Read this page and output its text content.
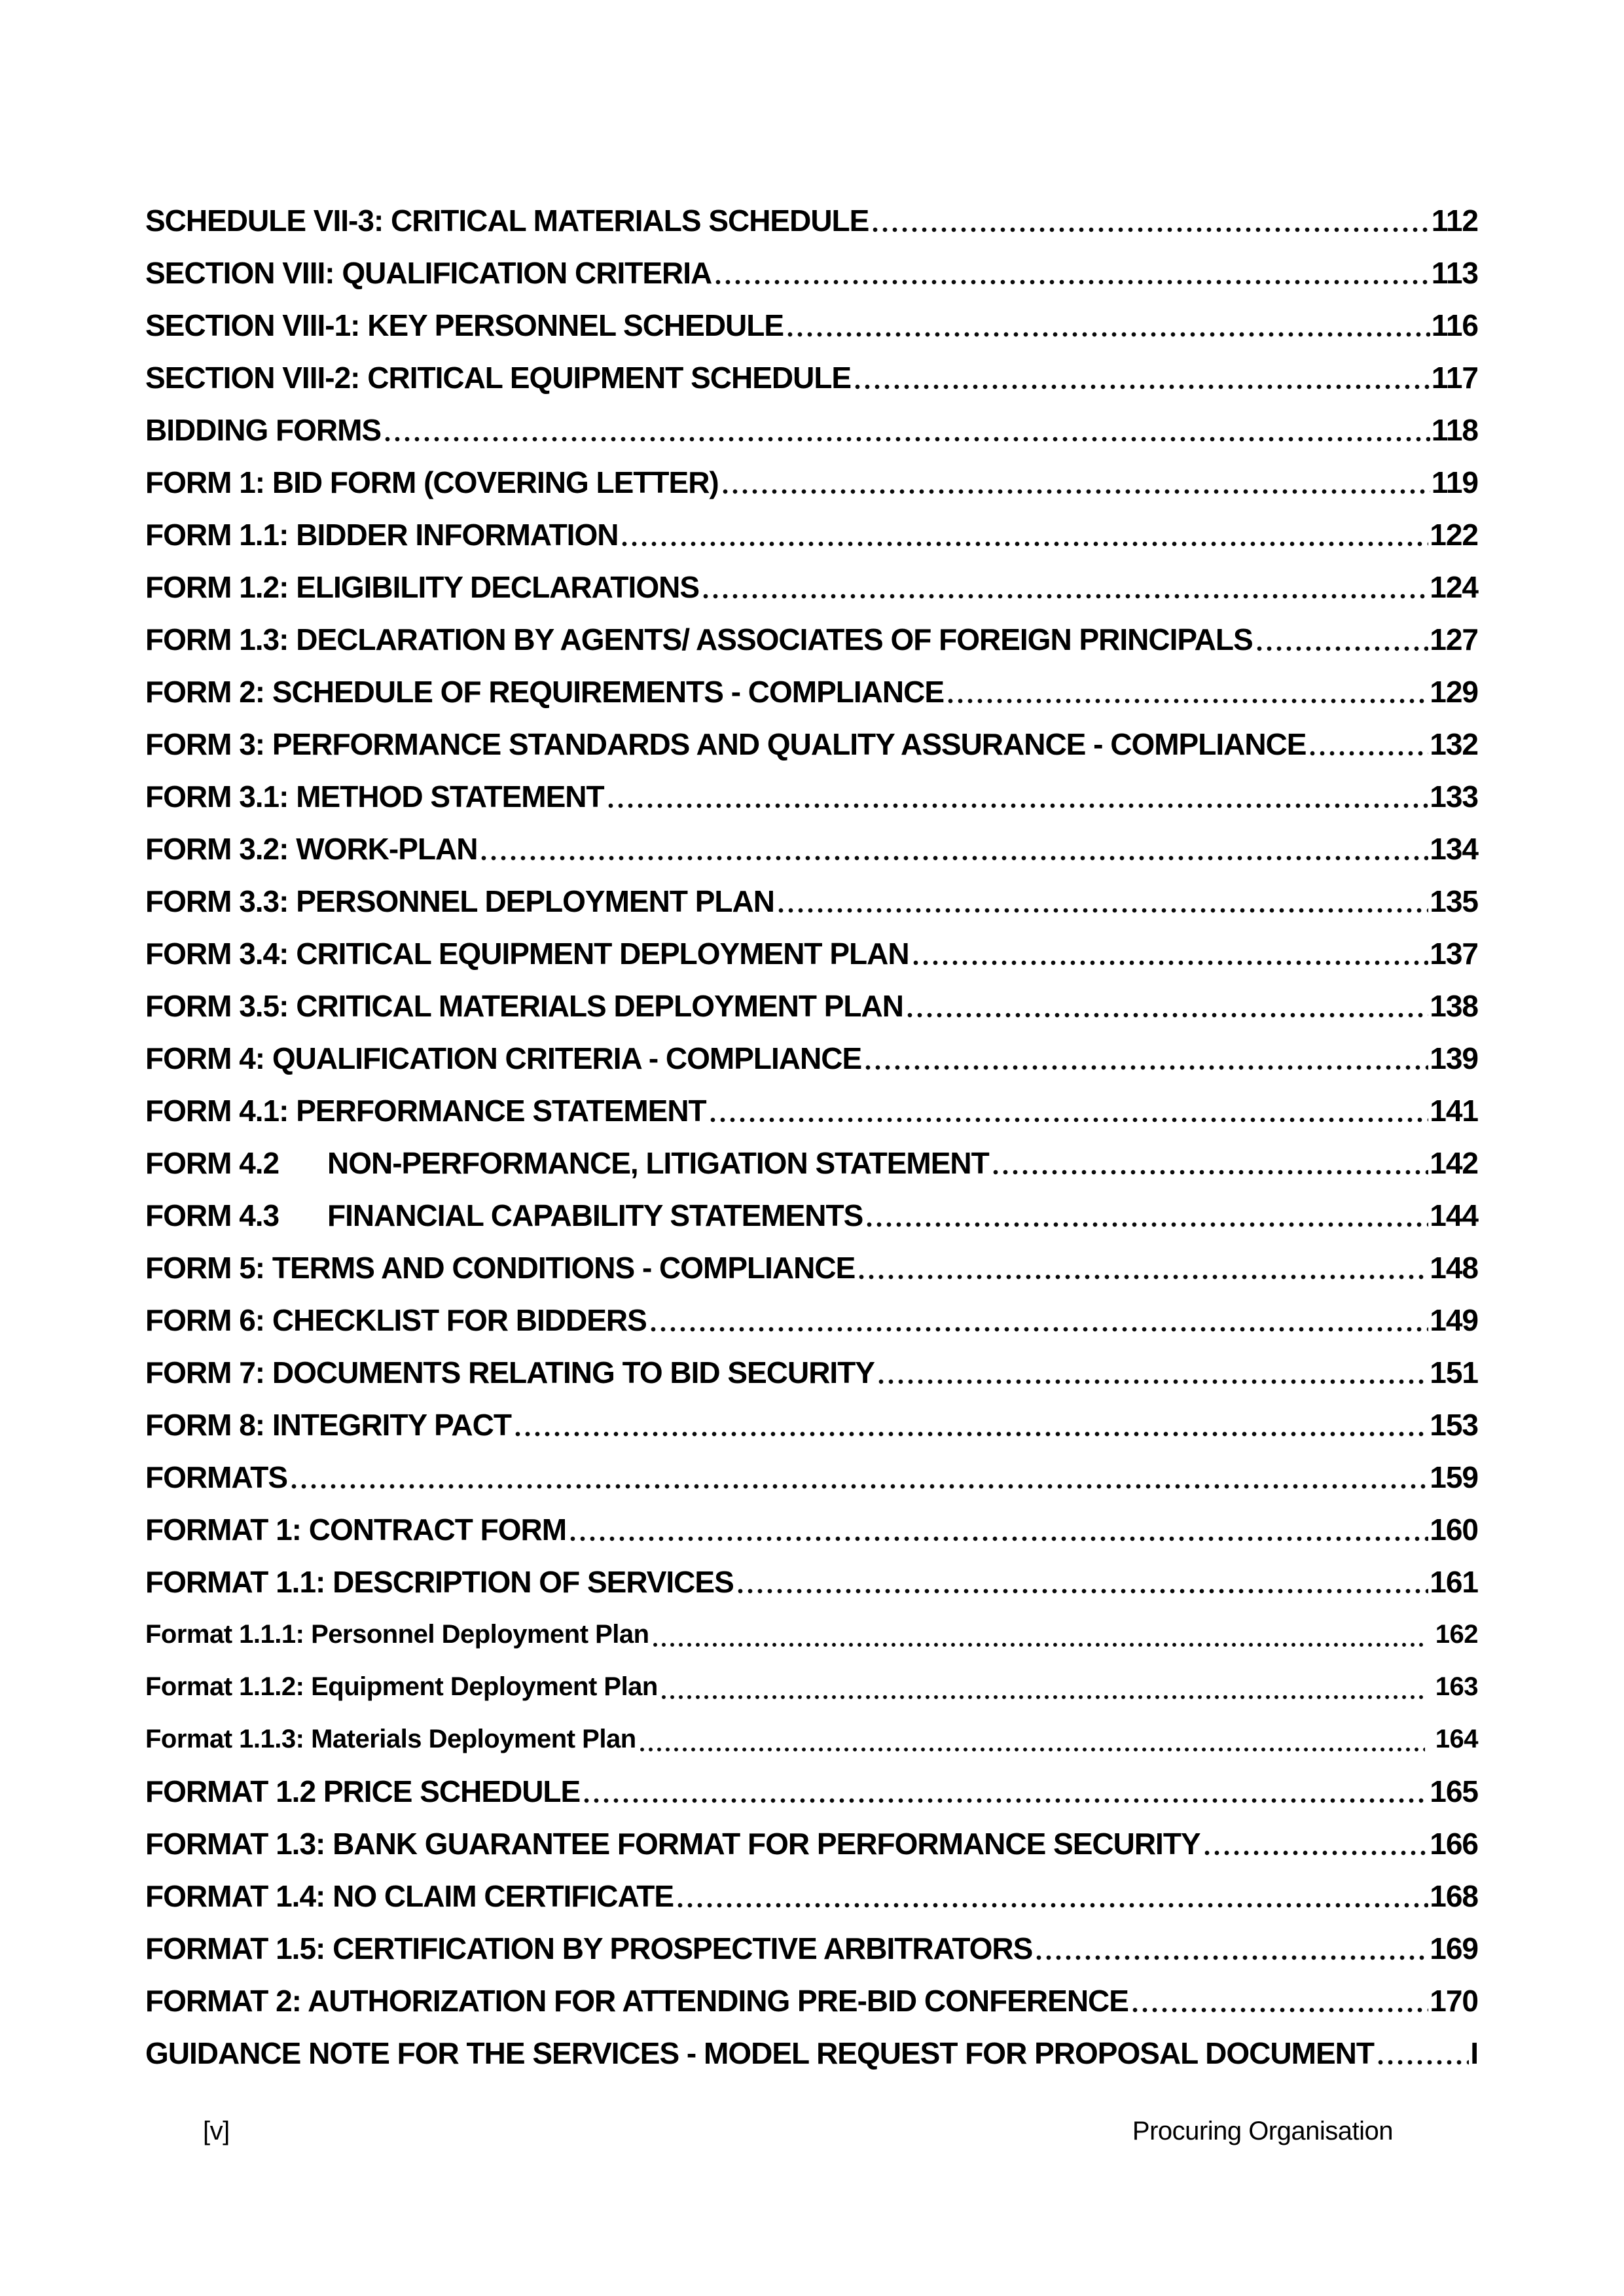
SCHEDULE VII-3: CRITICAL MATERIALS SCHEDULE	112
SECTION VIII: QUALIFICATION CRITERIA	113
SECTION VIII-1: KEY PERSONNEL SCHEDULE	116
SECTION VIII-2: CRITICAL EQUIPMENT SCHEDULE	117
BIDDING FORMS	118
FORM 1: BID FORM (COVERING LETTER)	119
FORM 1.1: BIDDER INFORMATION	122
FORM 1.2: ELIGIBILITY DECLARATIONS	124
FORM 1.3: DECLARATION BY AGENTS/ ASSOCIATES OF FOREIGN PRINCIPALS	127
FORM 2: SCHEDULE OF REQUIREMENTS - COMPLIANCE	129
FORM 3: PERFORMANCE STANDARDS AND QUALITY ASSURANCE - COMPLIANCE	132
FORM 3.1: METHOD STATEMENT	133
FORM 3.2: WORK-PLAN	134
FORM 3.3: PERSONNEL DEPLOYMENT PLAN	135
FORM 3.4: CRITICAL EQUIPMENT DEPLOYMENT PLAN	137
FORM 3.5: CRITICAL MATERIALS DEPLOYMENT PLAN	138
FORM 4: QUALIFICATION CRITERIA - COMPLIANCE	139
FORM 4.1: PERFORMANCE STATEMENT	141
FORM 4.2	NON-PERFORMANCE, LITIGATION STATEMENT	142
FORM 4.3	FINANCIAL CAPABILITY STATEMENTS	144
FORM 5: TERMS AND CONDITIONS - COMPLIANCE	148
FORM 6: CHECKLIST FOR BIDDERS	149
FORM 7: DOCUMENTS RELATING TO BID SECURITY	151
FORM 8: INTEGRITY PACT	153
FORMATS	159
FORMAT 1: CONTRACT FORM	160
FORMAT 1.1: DESCRIPTION OF SERVICES	161
Format 1.1.1: Personnel Deployment Plan	162
Format 1.1.2: Equipment Deployment Plan	163
Format 1.1.3: Materials Deployment Plan	164
FORMAT 1.2 PRICE SCHEDULE	165
FORMAT 1.3: BANK GUARANTEE FORMAT FOR PERFORMANCE SECURITY	166
FORMAT 1.4: NO CLAIM CERTIFICATE	168
FORMAT 1.5: CERTIFICATION BY PROSPECTIVE ARBITRATORS	169
FORMAT 2: AUTHORIZATION FOR ATTENDING PRE-BID CONFERENCE	170
GUIDANCE NOTE FOR THE SERVICES - MODEL REQUEST FOR PROPOSAL DOCUMENT	I
[v]	Procuring Organisation
